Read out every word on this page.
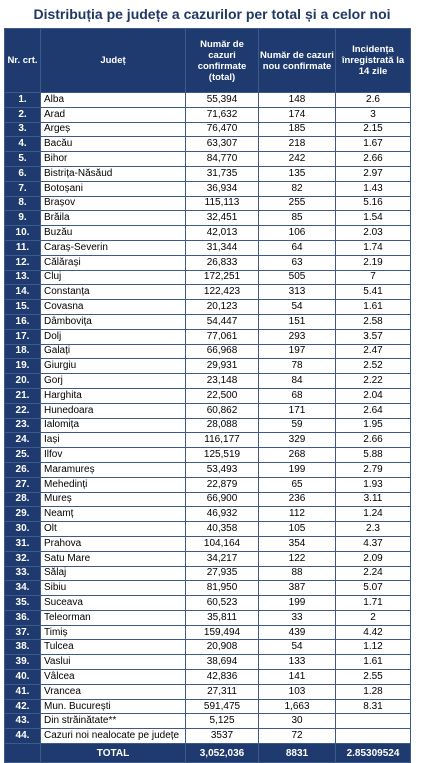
Distribuția pe județe a cazurilor per total și a celor noi
Nr. crt.	Județ	Număr de cazuri confirmate (total)	Număr de cazuri nou confirmate	Incidența înregistrată la 14 zile
1.	Alba	55,394	148	2.6
2.	Arad	71,632	174	3
3.	Argeș	76,470	185	2.15
4.	Bacău	63,307	218	1.67
5.	Bihor	84,770	242	2.66
6.	Bistrița-Năsăud	31,735	135	2.97
7.	Botoșani	36,934	82	1.43
8.	Brașov	115,113	255	5.16
9.	Brăila	32,451	85	1.54
10.	Buzău	42,013	106	2.03
11.	Caraș-Severin	31,344	64	1.74
12.	Călărași	26,833	63	2.19
13.	Cluj	172,251	505	7
14.	Constanța	122,423	313	5.41
15.	Covasna	20,123	54	1.61
16.	Dâmbovița	54,447	151	2.58
17.	Dolj	77,061	293	3.57
18.	Galați	66,968	197	2.47
19.	Giurgiu	29,931	78	2.52
20.	Gorj	23,148	84	2.22
21.	Harghita	22,500	68	2.04
22.	Hunedoara	60,862	171	2.64
23.	Ialomița	28,088	59	1.95
24.	Iași	116,177	329	2.66
25.	Ilfov	125,519	268	5.88
26.	Maramureș	53,493	199	2.79
27.	Mehedinți	22,879	65	1.93
28.	Mureș	66,900	236	3.11
29.	Neamț	46,932	112	1.24
30.	Olt	40,358	105	2.3
31.	Prahova	104,164	354	4.37
32.	Satu Mare	34,217	122	2.09
33.	Sălaj	27,935	88	2.24
34.	Sibiu	81,950	387	5.07
35.	Suceava	60,523	199	1.71
36.	Teleorman	35,811	33	2
37.	Timiș	159,494	439	4.42
38.	Tulcea	20,908	54	1.12
39.	Vaslui	38,694	133	1.61
40.	Vâlcea	42,836	141	2.55
41.	Vrancea	27,311	103	1.28
42.	Mun. București	591,475	1,663	8.31
43.	Din străinătate**	5,125	30	
44.	Cazuri noi nealocate pe județe	3537	72	
	TOTAL	3,052,036	8831	2.85309524
